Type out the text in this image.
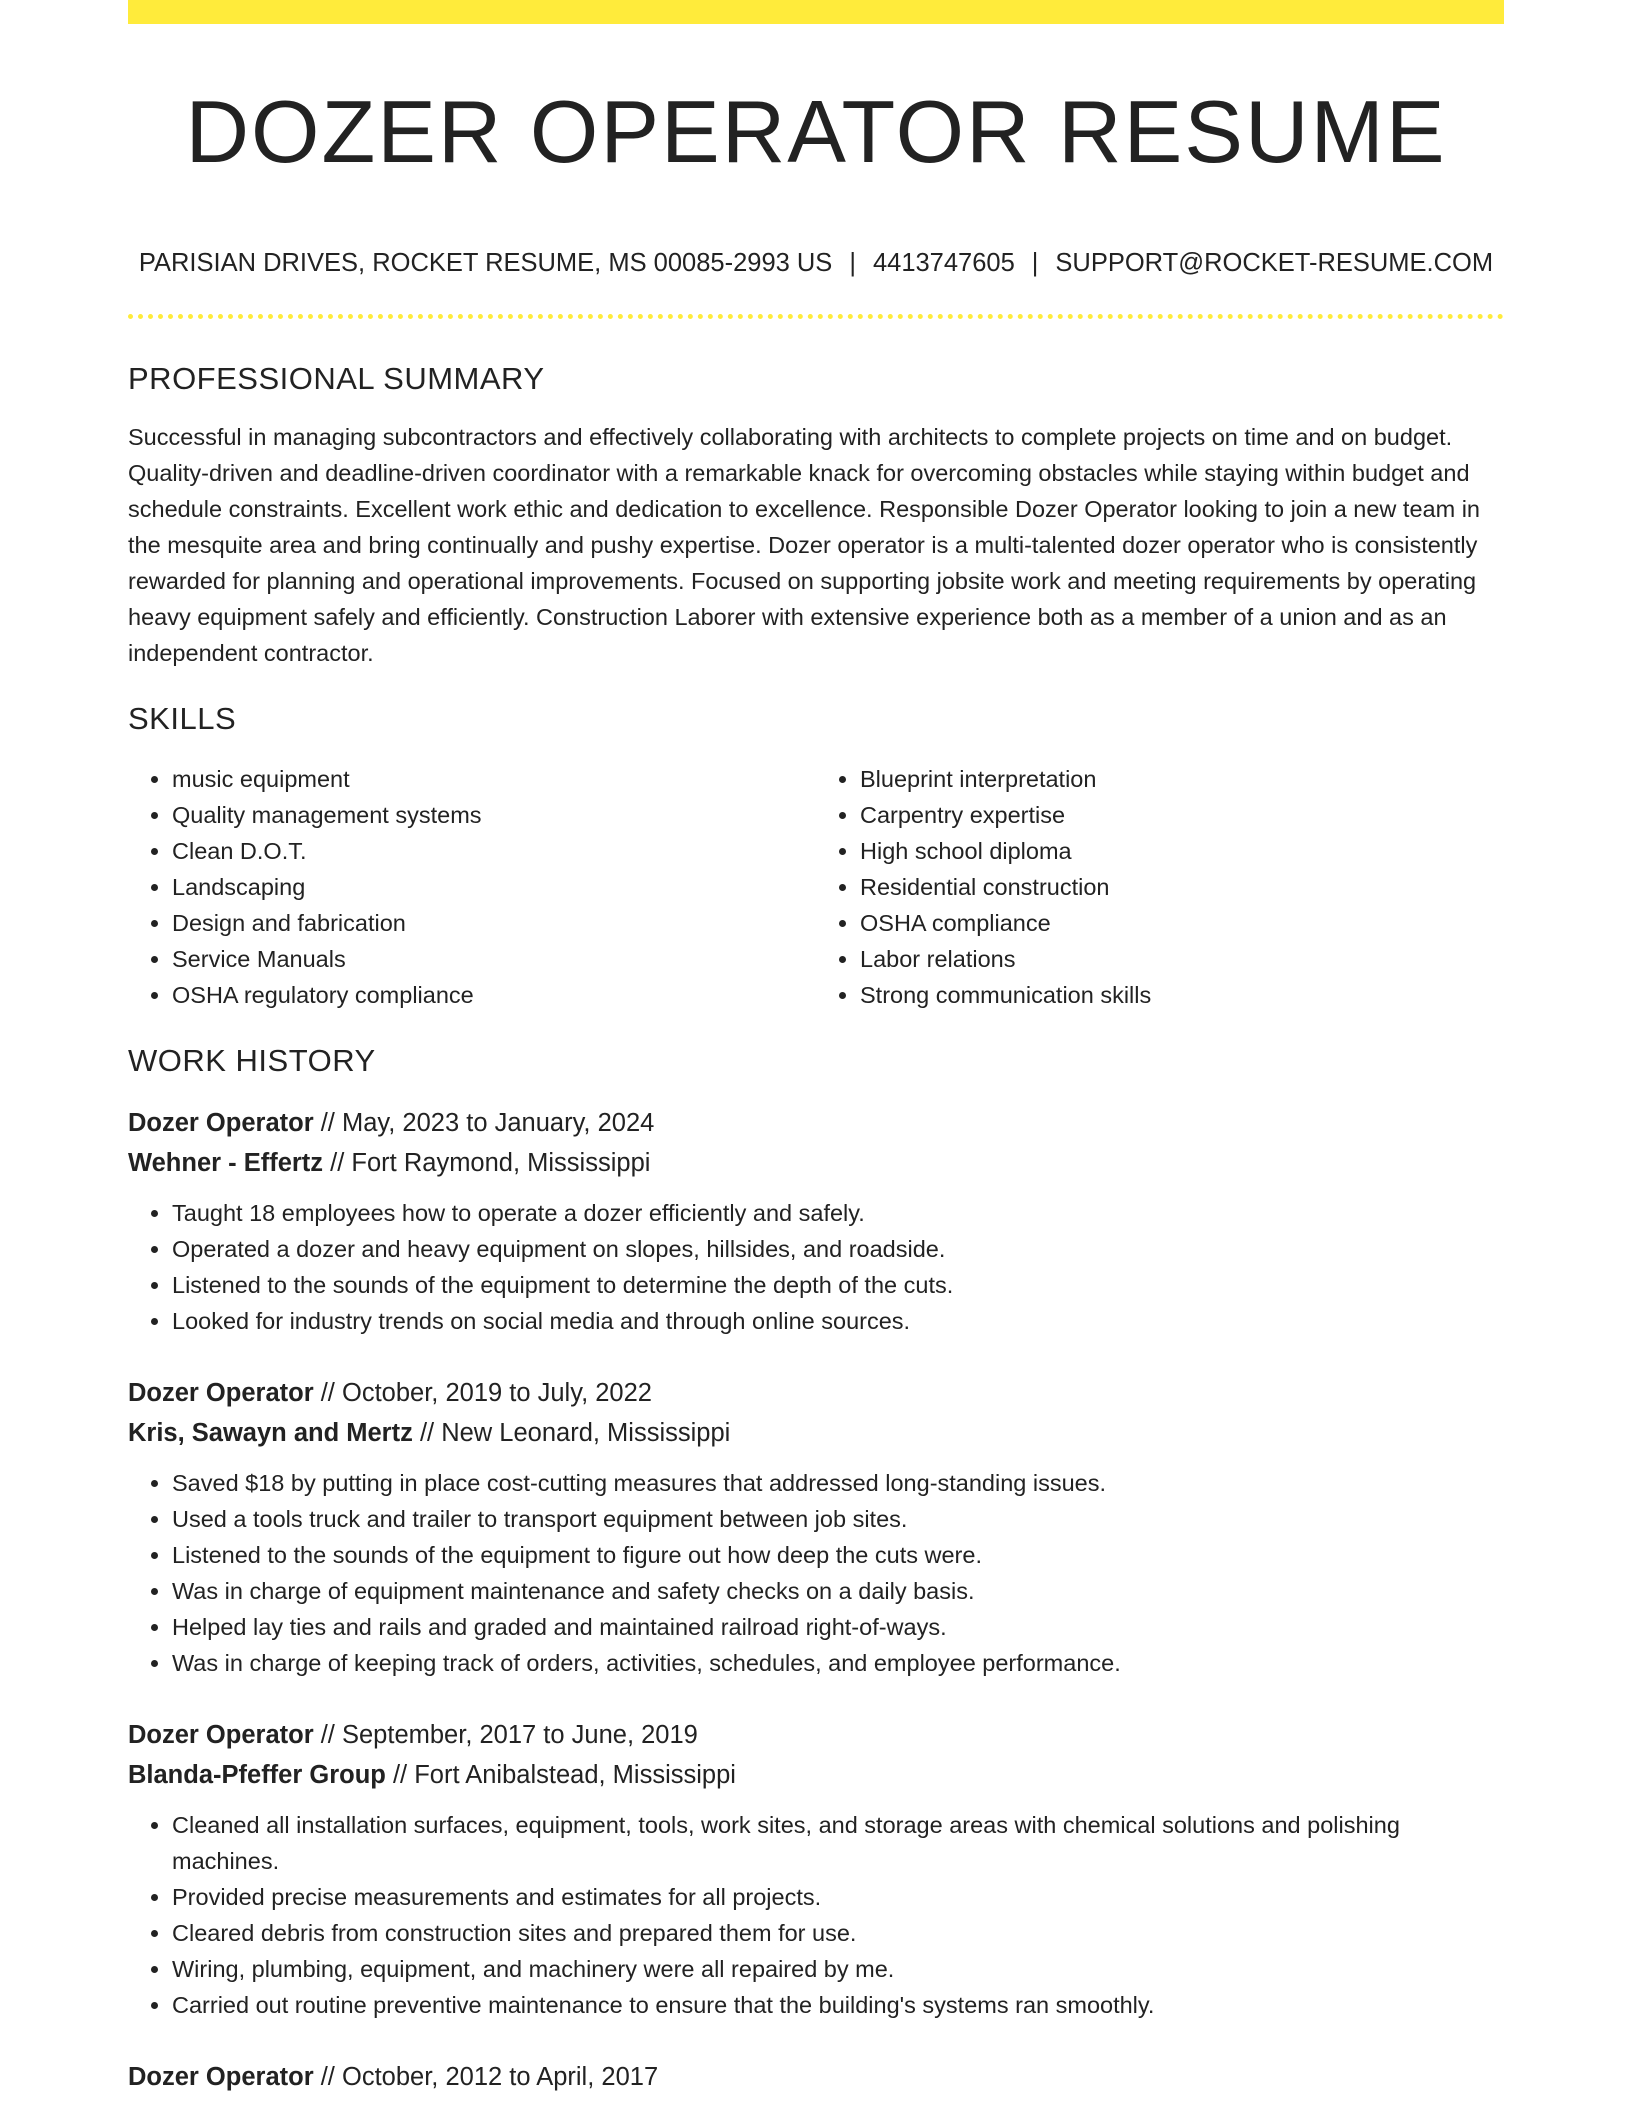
DOZER OPERATOR RESUME
PARISIAN DRIVES, ROCKET RESUME, MS 00085-2993 US | 4413747605 | SUPPORT@ROCKET-RESUME.COM
PROFESSIONAL SUMMARY
Successful in managing subcontractors and effectively collaborating with architects to complete projects on time and on budget. Quality-driven and deadline-driven coordinator with a remarkable knack for overcoming obstacles while staying within budget and schedule constraints. Excellent work ethic and dedication to excellence. Responsible Dozer Operator looking to join a new team in the mesquite area and bring continually and pushy expertise. Dozer operator is a multi-talented dozer operator who is consistently rewarded for planning and operational improvements. Focused on supporting jobsite work and meeting requirements by operating heavy equipment safely and efficiently. Construction Laborer with extensive experience both as a member of a union and as an independent contractor.
SKILLS
• music equipment
• Quality management systems
• Clean D.O.T.
• Landscaping
• Design and fabrication
• Service Manuals
• OSHA regulatory compliance
• Blueprint interpretation
• Carpentry expertise
• High school diploma
• Residential construction
• OSHA compliance
• Labor relations
• Strong communication skills
WORK HISTORY
Dozer Operator // May, 2023 to January, 2024
Wehner - Effertz // Fort Raymond, Mississippi
• Taught 18 employees how to operate a dozer efficiently and safely.
• Operated a dozer and heavy equipment on slopes, hillsides, and roadside.
• Listened to the sounds of the equipment to determine the depth of the cuts.
• Looked for industry trends on social media and through online sources.
Dozer Operator // October, 2019 to July, 2022
Kris, Sawayn and Mertz // New Leonard, Mississippi
• Saved $18 by putting in place cost-cutting measures that addressed long-standing issues.
• Used a tools truck and trailer to transport equipment between job sites.
• Listened to the sounds of the equipment to figure out how deep the cuts were.
• Was in charge of equipment maintenance and safety checks on a daily basis.
• Helped lay ties and rails and graded and maintained railroad right-of-ways.
• Was in charge of keeping track of orders, activities, schedules, and employee performance.
Dozer Operator // September, 2017 to June, 2019
Blanda-Pfeffer Group // Fort Anibalstead, Mississippi
• Cleaned all installation surfaces, equipment, tools, work sites, and storage areas with chemical solutions and polishing machines.
• Provided precise measurements and estimates for all projects.
• Cleared debris from construction sites and prepared them for use.
• Wiring, plumbing, equipment, and machinery were all repaired by me.
• Carried out routine preventive maintenance to ensure that the building's systems ran smoothly.
Dozer Operator // October, 2012 to April, 2017
